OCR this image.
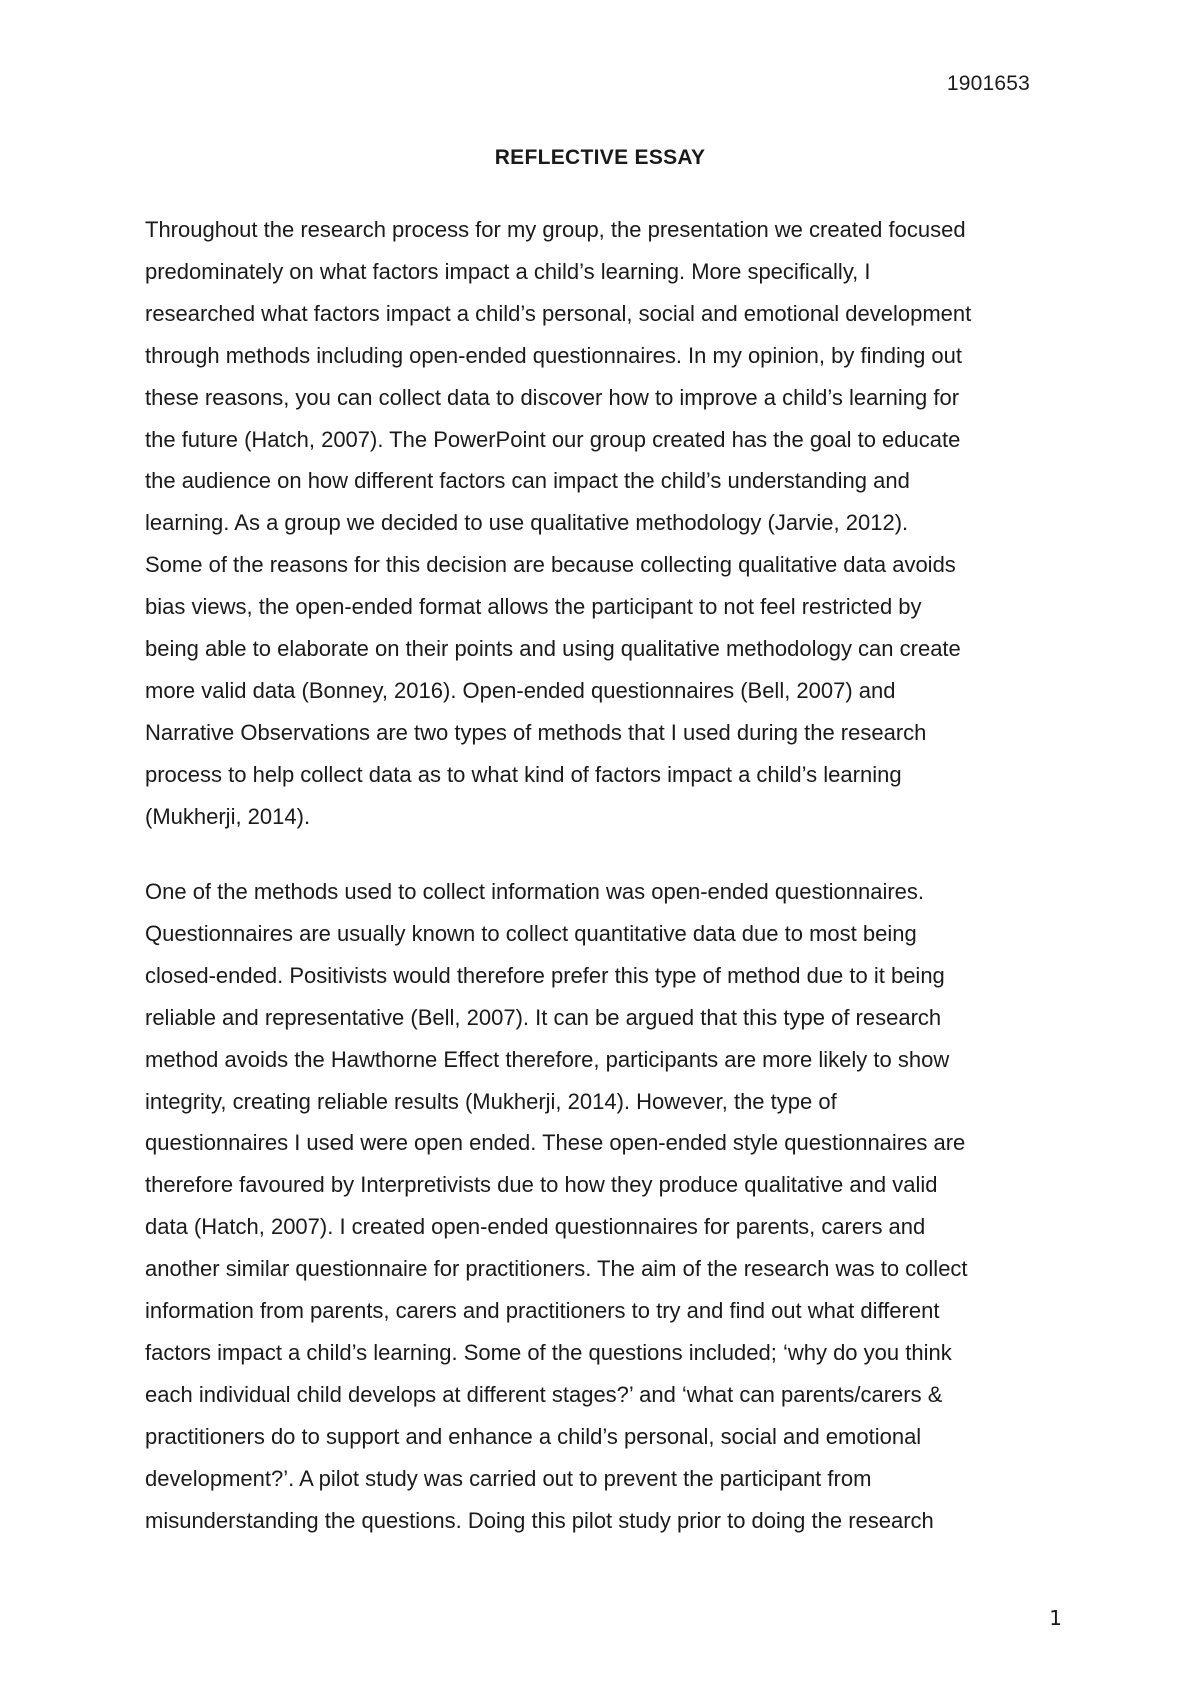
1901653
REFLECTIVE ESSAY

Throughout the research process for my group, the presentation we created focused
predominately on what factors impact a child’s learning. More specifically, I
researched what factors impact a child’s personal, social and emotional development
through methods including open-ended questionnaires. In my opinion, by finding out
these reasons, you can collect data to discover how to improve a child’s learning for
the future (Hatch, 2007). The PowerPoint our group created has the goal to educate
the audience on how different factors can impact the child’s understanding and
learning. As a group we decided to use qualitative methodology (Jarvie, 2012).
Some of the reasons for this decision are because collecting qualitative data avoids
bias views, the open-ended format allows the participant to not feel restricted by
being able to elaborate on their points and using qualitative methodology can create
more valid data (Bonney, 2016). Open-ended questionnaires (Bell, 2007) and
Narrative Observations are two types of methods that I used during the research
process to help collect data as to what kind of factors impact a child’s learning
(Mukherji, 2014).

One of the methods used to collect information was open-ended questionnaires.
Questionnaires are usually known to collect quantitative data due to most being
closed-ended. Positivists would therefore prefer this type of method due to it being
reliable and representative (Bell, 2007). It can be argued that this type of research
method avoids the Hawthorne Effect therefore, participants are more likely to show
integrity, creating reliable results (Mukherji, 2014). However, the type of
questionnaires I used were open ended. These open-ended style questionnaires are
therefore favoured by Interpretivists due to how they produce qualitative and valid
data (Hatch, 2007). I created open-ended questionnaires for parents, carers and
another similar questionnaire for practitioners. The aim of the research was to collect
information from parents, carers and practitioners to try and find out what different
factors impact a child’s learning. Some of the questions included; ‘why do you think
each individual child develops at different stages?’ and ‘what can parents/carers &
practitioners do to support and enhance a child’s personal, social and emotional
development?’. A pilot study was carried out to prevent the participant from
misunderstanding the questions. Doing this pilot study prior to doing the research

1
